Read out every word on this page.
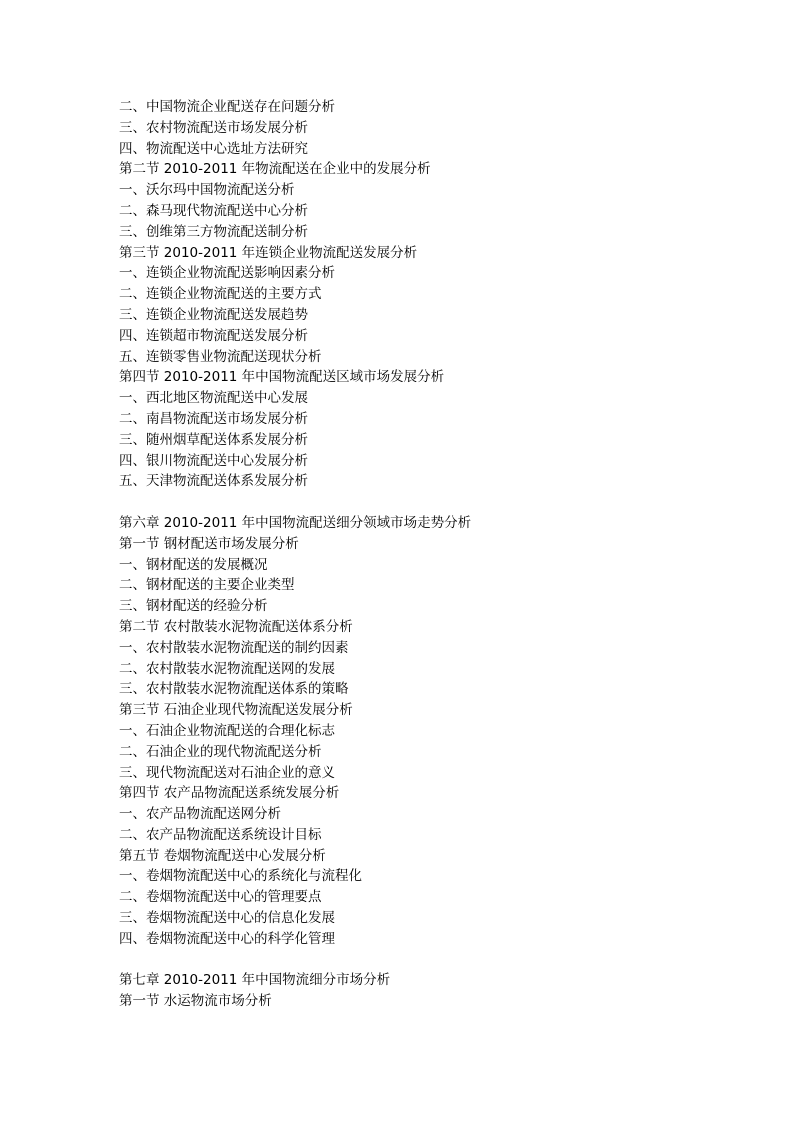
二、中国物流企业配送存在问题分析
三、农村物流配送市场发展分析
四、物流配送中心选址方法研究
第二节 2010-2011 年物流配送在企业中的发展分析
一、沃尔玛中国物流配送分析
二、森马现代物流配送中心分析
三、创维第三方物流配送制分析
第三节 2010-2011 年连锁企业物流配送发展分析
一、连锁企业物流配送影响因素分析
二、连锁企业物流配送的主要方式
三、连锁企业物流配送发展趋势
四、连锁超市物流配送发展分析
五、连锁零售业物流配送现状分析
第四节 2010-2011 年中国物流配送区域市场发展分析
一、西北地区物流配送中心发展
二、南昌物流配送市场发展分析
三、随州烟草配送体系发展分析
四、银川物流配送中心发展分析
五、天津物流配送体系发展分析
第六章 2010-2011 年中国物流配送细分领域市场走势分析
第一节 钢材配送市场发展分析
一、钢材配送的发展概况
二、钢材配送的主要企业类型
三、钢材配送的经验分析
第二节 农村散装水泥物流配送体系分析
一、农村散装水泥物流配送的制约因素
二、农村散装水泥物流配送网的发展
三、农村散装水泥物流配送体系的策略
第三节 石油企业现代物流配送发展分析
一、石油企业物流配送的合理化标志
二、石油企业的现代物流配送分析
三、现代物流配送对石油企业的意义
第四节 农产品物流配送系统发展分析
一、农产品物流配送网分析
二、农产品物流配送系统设计目标
第五节 卷烟物流配送中心发展分析
一、卷烟物流配送中心的系统化与流程化
二、卷烟物流配送中心的管理要点
三、卷烟物流配送中心的信息化发展
四、卷烟物流配送中心的科学化管理
第七章 2010-2011 年中国物流细分市场分析
第一节 水运物流市场分析
